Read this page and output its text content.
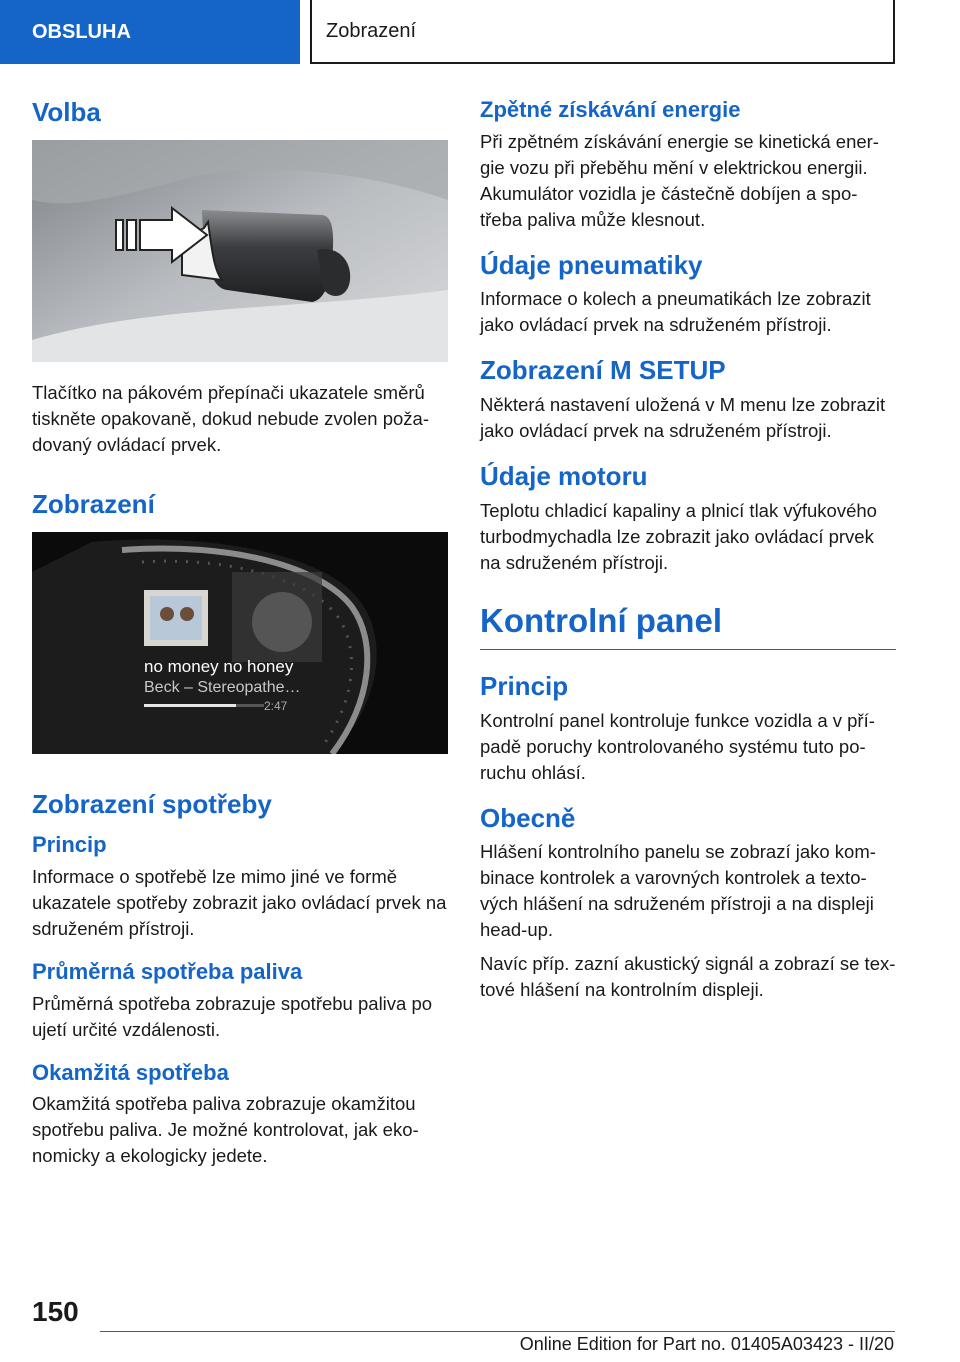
OBSLUHA	Zobrazení
Volba

Tlačítko na pákovém přepínači ukazatele směrů tiskněte opakovaně, dokud nebude zvolen poža-dovaný ovládací prvek.

Zobrazení
no money no honey
Beck – Stereopathe…
2:47
Zobrazení spotřeby
Princip

Informace o spotřebě lze mimo jiné ve formě ukazatele spotřeby zobrazit jako ovládací prvek na sdruženém přístroji.

Průměrná spotřeba paliva

Průměrná spotřeba zobrazuje spotřebu paliva po ujetí určité vzdálenosti.

Okamžitá spotřeba

Okamžitá spotřeba paliva zobrazuje okamžitou spotřebu paliva. Je možné kontrolovat, jak eko-nomicky a ekologicky jedete.

Zpětné získávání energie

Při zpětném získávání energie se kinetická ener-gie vozu při přeběhu mění v elektrickou energii. Akumulátor vozidla je částečně dobíjen a spo-třeba paliva může klesnout.

Údaje pneumatiky

Informace o kolech a pneumatikách lze zobrazit jako ovládací prvek na sdruženém přístroji.

Zobrazení M SETUP

Některá nastavení uložená v M menu lze zobrazit jako ovládací prvek na sdruženém přístroji.

Údaje motoru

Teplotu chladicí kapaliny a plnicí tlak výfukového turbodmychadla lze zobrazit jako ovládací prvek na sdruženém přístroji.

Kontrolní panel
Princip

Kontrolní panel kontroluje funkce vozidla a v pří-padě poruchy kontrolovaného systému tuto po-ruchu ohlásí.

Obecně

Hlášení kontrolního panelu se zobrazí jako kom-binace kontrolek a varovných kontrolek a texto-vých hlášení na sdruženém přístroji a na displeji head-up.

Navíc příp. zazní akustický signál a zobrazí se tex-tové hlášení na kontrolním displeji.

150
Online Edition for Part no. 01405A03423 - II/20
